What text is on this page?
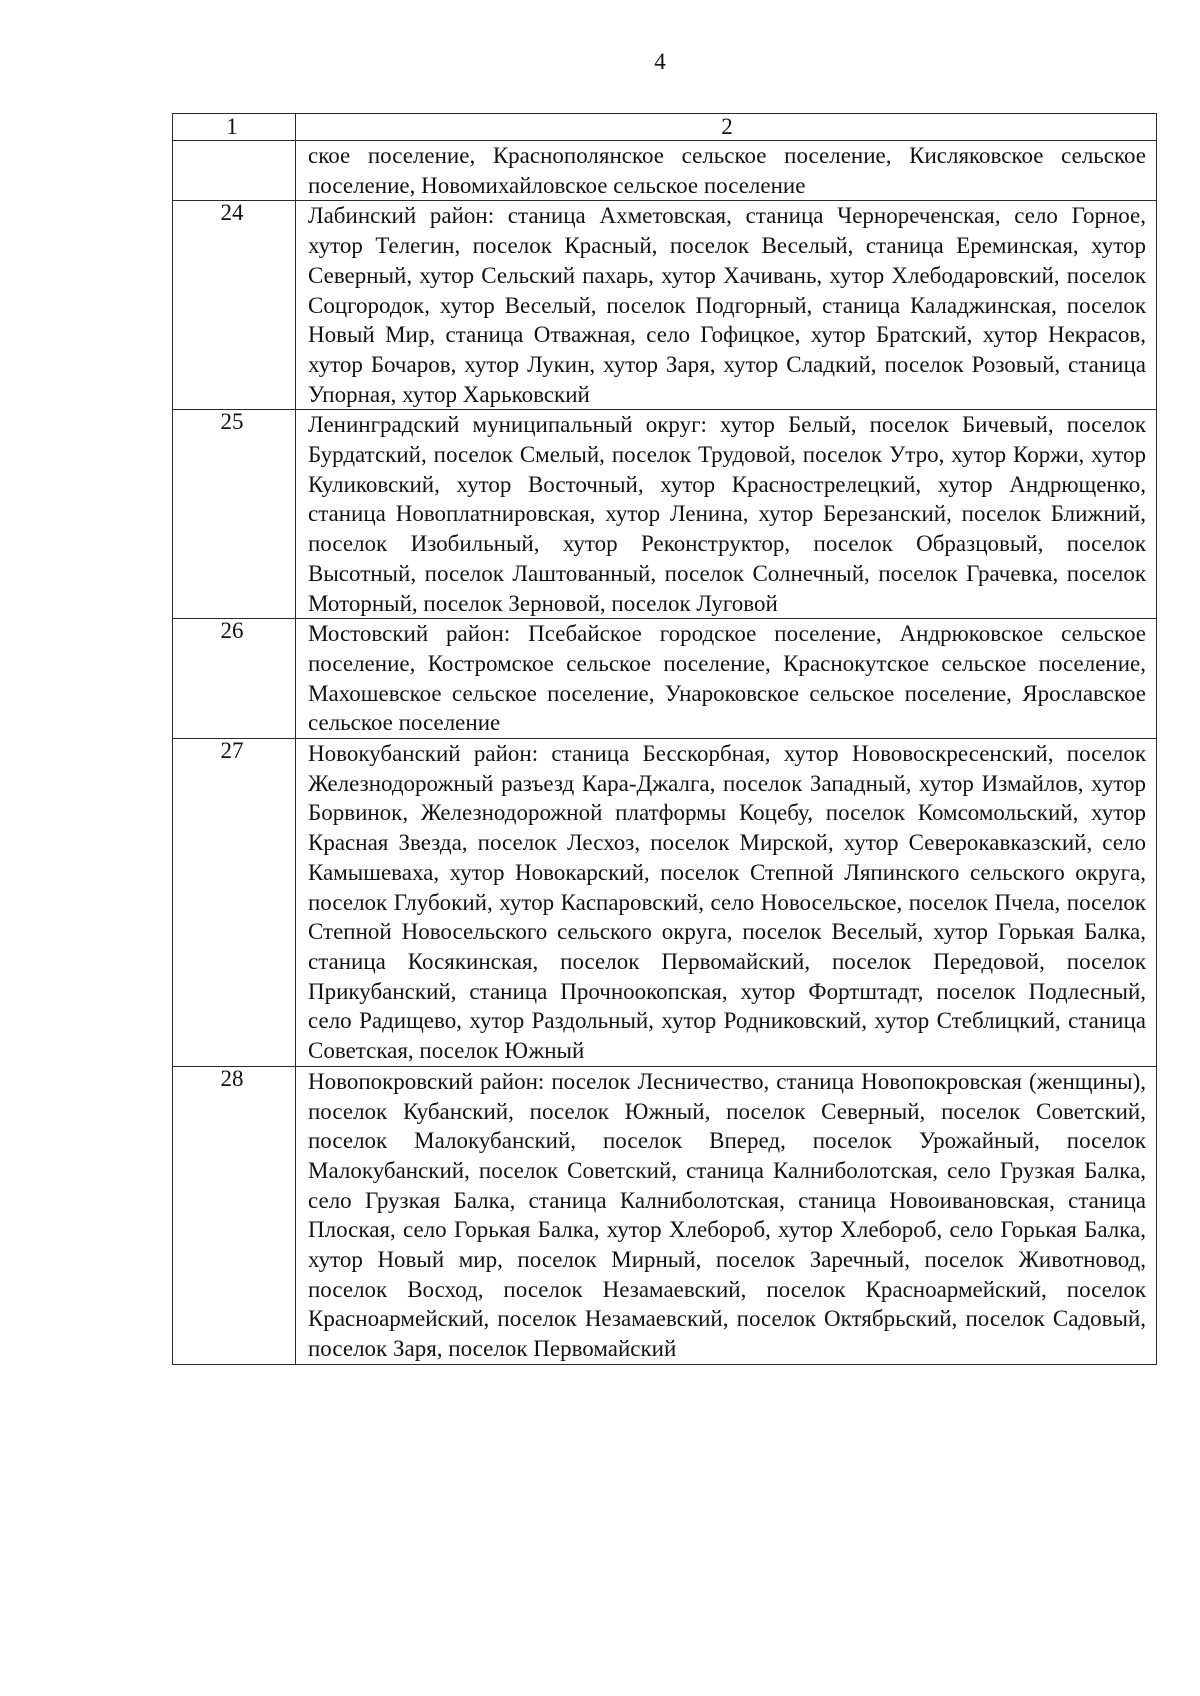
4
1	2
	ское поселение, Краснополянское сельское поселение, Кисляковское сельское поселение, Новомихайловское сельское поселение
24	Лабинский район: станица Ахметовская, станица Черноречeнская, село Горное, хутор Телегин, поселок Красный, поселок Веселый, станица Ереминская, хутор Северный, хутор Сельский пахарь, хутор Хачивань, хутор Хлебодаровский, поселок Соцгородок, хутор Веселый, поселок Подгорный, станица Каладжинская, поселок Новый Мир, станица Отважная, село Гофицкое, хутор Братский, хутор Некрасов, хутор Бочаров, хутор Лукин, хутор Заря, хутор Сладкий, поселок Розовый, станица Упорная, хутор Харьковский
25	Ленинградский муниципальный округ: хутор Белый, поселок Бичевый, поселок Бурдатский, поселок Смелый, поселок Трудовой, поселок Утро, хутор Коржи, хутор Куликовский, хутор Восточный, хутор Краснострелецкий, хутор Андрющенко, станица Новоплатнировская, хутор Ленина, хутор Березанский, поселок Ближний, поселок Изобильный, хутор Реконструктор, поселок Образцовый, поселок Высотный, поселок Лаштованный, поселок Солнечный, поселок Грачевка, поселок Моторный, поселок Зерновой, поселок Луговой
26	Мостовский район: Псебайское городское поселение, Андрюковское сельское поселение, Костромское сельское поселение, Краснокутское сельское поселение, Махошевское сельское поселение, Унароковское сельское поселение, Ярославское сельское поселение
27	Новокубанский район: станица Бесскорбная, хутор Нововоскресенский, поселок Железнодорожный разъезд Кара-Джалга, поселок Западный, хутор Измайлов, хутор Борвинок, Железнодорожной платформы Коцебу, поселок Комсомольский, хутор Красная Звезда, поселок Лесхоз, поселок Мирской, хутор Северокавказский, село Камышеваха, хутор Новокарский, поселок Степной Ляпинского сельского округа, поселок Глубокий, хутор Каспаровский, село Новосельское, поселок Пчела, поселок Степной Новосельского сельского округа, поселок Веселый, хутор Горькая Балка, станица Косякинская, поселок Первомайский, поселок Передовой, поселок Прикубанский, станица Прочноокопская, хутор Фортштадт, поселок Подлесный, село Радищево, хутор Раздольный, хутор Родниковский, хутор Стеблицкий, станица Советская, поселок Южный
28	Новопокровский район: поселок Лесничество, станица Новопокровская (женщины), поселок Кубанский, поселок Южный, поселок Северный, поселок Советский, поселок Малокубанский, поселок Вперед, поселок Урожайный, поселок Малокубанский, поселок Советский, станица Калниболотская, село Грузкая Балка, село Грузкая Балка, станица Калниболотская, станица Новоивановская, станица Плоская, село Горькая Балка, хутор Хлебороб, хутор Хлебороб, село Горькая Балка, хутор Новый мир, поселок Мирный, поселок Заречный, поселок Животновод, поселок Восход, поселок Незамаевский, поселок Красноармейский, поселок Красноармейский, поселок Незамаевский, поселок Октябрьский, поселок Садовый, поселок Заря, поселок Первомайский
